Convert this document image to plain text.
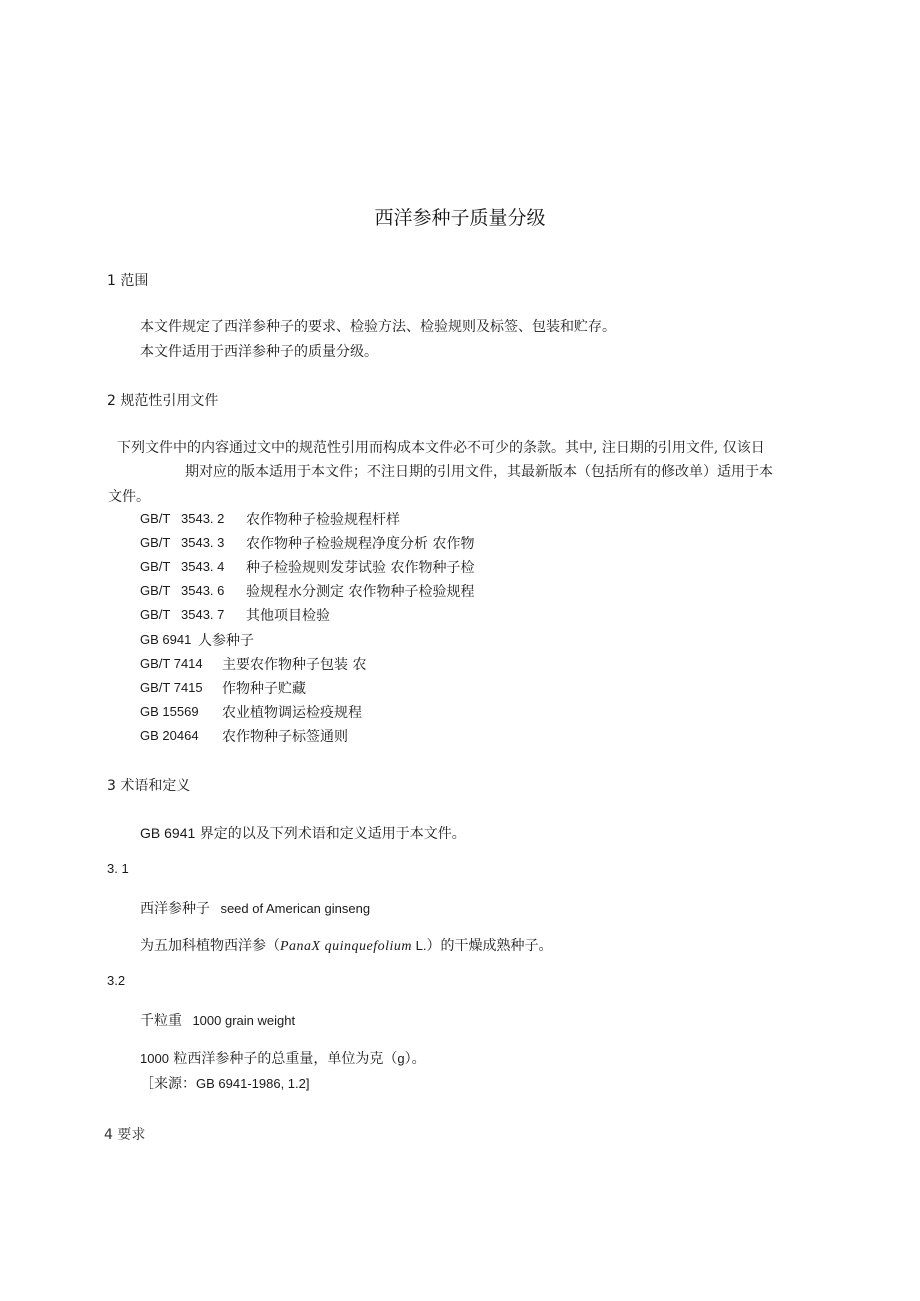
西洋参种子质量分级
1 范围
本文件规定了西洋参种子的要求、检验方法、检验规则及标签、包装和贮存。
本文件适用于西洋参种子的质量分级。
2 规范性引用文件
下列文件中的内容通过文中的规范性引用而构成本文件必不可少的条款。其中, 注日期的引用文件, 仅该日
期对应的版本适用于本文件；不注日期的引用文件，其最新版本（包括所有的修改单）适用于本
文件。
GB/T 3543. 2 农作物种子检验规程杆样
GB/T 3543. 3 农作物种子检验规程净度分析 农作物
GB/T 3543. 4 种子检验规则发芽试验 农作物种子检
GB/T 3543. 6 验规程水分测定 农作物种子检验规程
GB/T 3543. 7 其他项目检验
GB 6941 人参种子
GB/T 7414 主要农作物种子包装 农
GB/T 7415 作物种子贮藏
GB 15569 农业植物调运检疫规程
GB 20464 农作物种子标签通则
3 术语和定义
GB 6941 界定的以及下列术语和定义适用于本文件。
3. 1
西洋参种子 seed of American ginseng
为五加科植物西洋参（PanaX quinquefolium L.）的干燥成熟种子。
3.2
千粒重 1000 grain weight
1000 粒西洋参种子的总重量，单位为克（g）。
［来源：GB 6941-1986, 1.2]
4 要求
